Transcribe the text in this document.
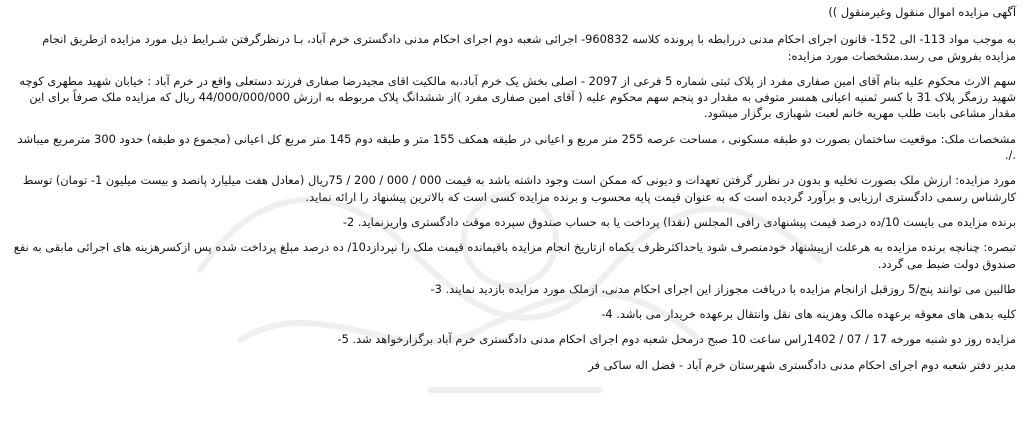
آگهی مزایده اموال منقول وغیرمنقول ))

به موجب مواد 113- الی 152- قانون اجرای احکام مدنی دررابطه با پرونده کلاسه 960832- اجرائی شعبه دوم اجرای احکام مدنی دادگستری خرم آباد، بـا درنظرگرفتن شـرایط ذیل مورد مزایده ازطریق انجام مزایده بفروش می رسد.مشخصات مورد مزایده:

سهم الارث محکوم علیه بنام آقای امین صفاری مفرد از پلاک ثبتی شماره 5 فرعی از 2097 - اصلی بخش یک خرم آباد،به مالکیت اقای مجیدرضا صفاری فرزند دستعلی واقع در خرم آباد : خیابان شهید مطهری کوچه شهید رزمگر پلاک 31 با کسر ثمنیه اعیانی همسر متوفی به مقدار دو پنجم سهم محکوم علیه ( آقای امین صفاری مفرد )از ششدانگ پلاک مربوطه به ارزش 44/000/000/000 ریال که مزایده ملک صرفاً برای این مقدار مشاعی بابت طلب مهریه خانم لعبت شهبازی برگزار میشود.

مشخصات ملک: موقعیت ساختمان بصورت دو طبقه مسکونی ، مساحت عرصه 255 متر مربع و اعیانی در طبقه همکف 155 متر و طبقه دوم 145 متر مربع کل اعیانی (مجموع دو طبقه) حدود 300 مترمربع میباشد ./.

مورد مزایده: ارزش ملک بصورت تخلیه و بدون در نظرر گرفتن تعهدات و دیونی که ممکن است وجود داشته باشد به قیمت 000 / 000 / 200 / 75ریال (معادل هفت میلیارد پانصد و بیست میلیون 1- تومان) توسط کارشناس رسمی دادگستری ارزیابی و برآورد گردیده است که به عنوان قیمت پایه محسوب و برنده مزایده کسی است که بالاترین پیشنهاد را ارائه نماید.

برنده مزایده می بایست 10/ده درصد قیمت پیشنهادی رافی المجلس (نقدا) پرداخت یا به حساب صندوق سپرده موقت دادگستری واریزنماید. 2-

تبصره: چنانچه برنده مزایده به هرعلت ازپیشنهاد خودمنصرف شود یاحداکثرظرف یکماه ازتاریخ انجام مزایده باقیمانده قیمت ملک را نپردازد10/ ده درصد مبلغ پرداخت شده پس ازکسرهزینه های اجرائی مابقی به نفع صندوق دولت ضبط می گردد.

طالبین می توانند پنج/5 روزقبل ازانجام مزایده با دریافت مجوزاز این اجرای احکام مدنی، ازملک مورد مزایده بازدید نمایند. 3-

کلیه بدهی های معوقه برعهده مالک وهزینه های نقل وانتقال برعهده خریدار می باشد. 4-

مزایده روز دو شنبه مورخه 17 / 07 / 1402راس ساعت 10 صبح درمحل شعبه دوم اجرای احکام مدنی دادگستری خرم آباد برگزارخواهد شد. 5-

مدیر دفتر شعبه دوم اجرای احکام مدنی دادگستری شهرستان خرم آباد - فضل اله ساکی فر
